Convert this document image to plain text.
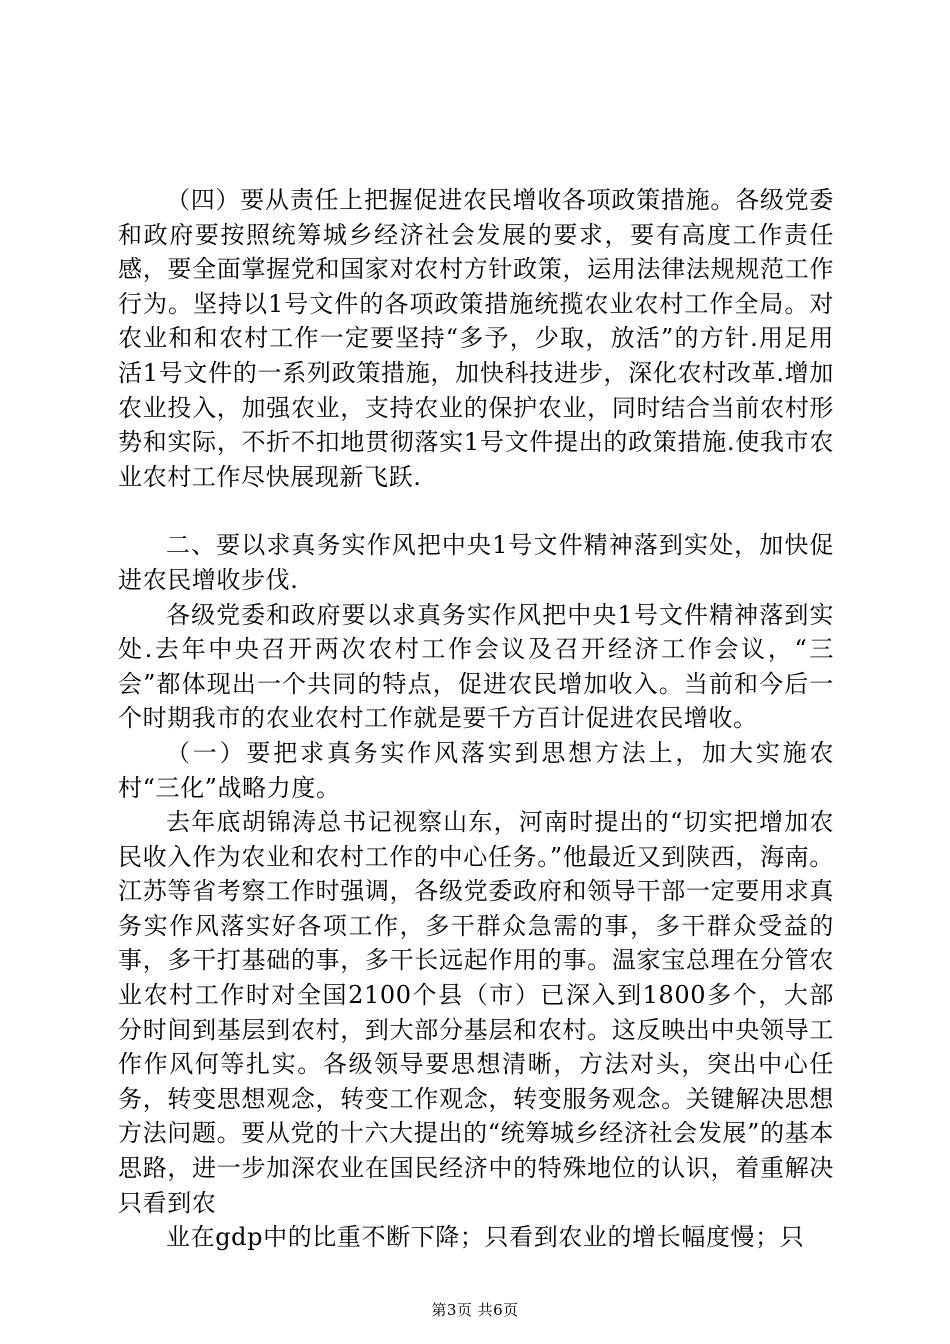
（四）要从责任上把握促进农民增收各项政策措施。各级党委和政府要按照统筹城乡经济社会发展的要求，要有高度工作责任感，要全面掌握党和国家对农村方针政策，运用法律法规规范工作行为。坚持以1号文件的各项政策措施统揽农业农村工作全局。对农业和和农村工作一定要坚持“多予，少取，放活”的方针.用足用活1号文件的一系列政策措施，加快科技进步，深化农村改革.增加农业投入，加强农业，支持农业的保护农业，同时结合当前农村形势和实际，不折不扣地贯彻落实1号文件提出的政策措施.使我市农业农村工作尽快展现新飞跃.

二、要以求真务实作风把中央1号文件精神落到实处，加快促进农民增收步伐.

各级党委和政府要以求真务实作风把中央1号文件精神落到实处.去年中央召开两次农村工作会议及召开经济工作会议，“三会”都体现出一个共同的特点，促进农民增加收入。当前和今后一个时期我市的农业农村工作就是要千方百计促进农民增收。

（一）要把求真务实作风落实到思想方法上，加大实施农村“三化”战略力度。

去年底胡锦涛总书记视察山东，河南时提出的“切实把增加农民收入作为农业和农村工作的中心任务。”他最近又到陕西，海南。江苏等省考察工作时强调，各级党委政府和领导干部一定要用求真务实作风落实好各项工作，多干群众急需的事，多干群众受益的事，多干打基础的事，多干长远起作用的事。温家宝总理在分管农业农村工作时对全国2100个县（市）已深入到1800多个，大部分时间到基层到农村，到大部分基层和农村。这反映出中央领导工作作风何等扎实。各级领导要思想清晰，方法对头，突出中心任务，转变思想观念，转变工作观念，转变服务观念。关键解决思想方法问题。要从党的十六大提出的“统筹城乡经济社会发展”的基本思路，进一步加深农业在国民经济中的特殊地位的认识，着重解决只看到农

业在gdp中的比重不断下降；只看到农业的增长幅度慢；只

第3页 共6页
